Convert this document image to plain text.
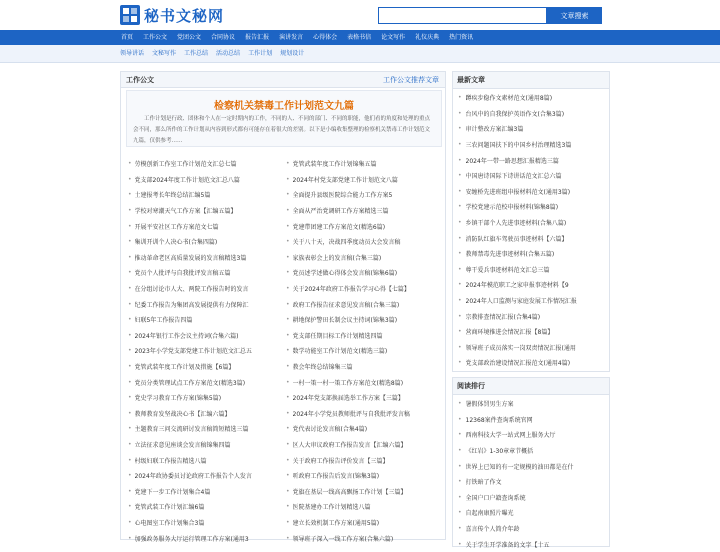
秘书文秘网	文章搜索
首页	工作公文	党团公文	合同协议	报告汇报	演讲发言	心得体会	表格书信	论文写作	礼仪庆典	热门资讯
领导讲话	文秘写作	工作总结	活动总结	工作计划	规划设计
工作公文	工作公文推荐文章
检察机关禁毒工作计划范文九篇

工作计划是行政、团体和个人在一定时期内的工作，不同的人、不同的部门、不同的职能，他们看的角度和处理的重点会不同，那么所作的工作计划从内容到形式都有可能存在着很大的差别。以下是小编收集整理的检察机关禁毒工作计划范文九篇，仅供参考……

• 劳模创新工作室工作计划范文汇总七篇	• 党管武装年度工作计划锦集五篇
• 党支部2024年度工作计划范文汇总八篇	• 2024年村党支部党建工作计划范文八篇
• 土建报考长年终总结汇编5篇	• 全面提升县级医院综合能力工作方案5
• 学校对寒潮天气工作方案【汇编五篇】	• 全面从严治党调研工作方案精选三篇
• 开展平安社区工作方案范文七篇	• 党建带团建工作方案范文(精选6篇)
• 集训开训个人决心书(合集四篇)	• 关于八十天，决战四季度动员大会发言稿
• 推动革命老区高质量发展的发言稿精选3篇	• 家族表彰会上的发言稿(合集三篇)
• 党员个人批评与自我批评发言稿五篇	• 党员述学述做心得体会发言稿(锦集6篇)
• 在分组讨论市人大、两院工作报告时的发言	• 关于2024年政府工作报告学习心得【七篇】
• 纪委工作报告为集团高发展提供有力保障汇	• 政府工作报告征求意见发言稿(合集三篇)
• 妇联5年工作报告四篇	• 耕地保护警田长制会议主持词(锦集3篇)
• 2024年银行工作会议主持词(合集六篇)	• 党支部任期目标工作计划精选四篇
• 2023年小学党支部党建工作计划范文汇总五	• 数学功能室工作计划范文(精选三篇)
• 党管武装年度工作计划及措施【6篇】	• 教会年终总结锦集三篇
• 党员分类管理试点工作方案范文(精选3篇)	• 一村一策一村一策工作方案范文(精选8篇)
• 党史学习教育工作方案(锦集5篇)	• 2024年党支部换届选举工作方案【三篇】
• 教师教育发坚战决心书【汇编六篇】	• 2024年小学党员教师批评与自我批评发言稿
• 主题教育三问交流研讨发言稿简短精选三篇	• 党代表讨论发言稿(合集4篇)
• 立法征求意见座谈会发言稿锦集四篇	• 区人大审议政府工作报告发言【汇编六篇】
• 村级妇联工作报告精选八篇	• 关于政府工作报告评价发言【三篇】
• 2024年政协委员讨论政府工作报告个人发言	• 听政府工作报告后发言(锦集3篇)
• 党建下一步工作计划集合4篇	• 党旗在基层一线高高飘扬工作计划【三篇】
• 党管武装工作计划汇编6篇	• 医院基建办工作计划精选八篇
• 心电图室工作计划集合3篇	• 建立长效机制工作方案(通用5篇)
• 加强政务服务大厅运行管理工作方案(通用3	• 领导班子深入一线工作方案(合集六篇)
最新文章
• 蹲疾步稳作文素材范文(通用8篇)
• 台风中的自我保护英语作文(合集3篇)
• 审计整改方案汇编3篇
• 三农问题国扶下的中国乡村治理精选3篇
• 2024年一带一路思想汇报精选三篇
• 中国唐诗国际下诗讲话范文汇总六篇
• 安缠桥先进班组申报材料范文(通用3篇)
• 学校党建示范校申报材料(锦集8篇)
• 乡镇干部个人先进事迹材料(合集八篇)
• 消防队红旗车驾驶员事迹材料【六篇】
• 教师禁毒先进事迹材料(合集五篇)
• 尊干爱兵事迹材料范文汇总三篇
• 2024年模范职工之家申报事迹材料【9
• 2024年人口监测与家庭发展工作情况汇报
• 宗教排查情况汇报(合集4篇)
• 营商环境推进会情况汇报【8篇】
• 领导班子成员落实一岗双责情况汇报(通用
• 党支部政治建设情况汇报范文(通用4篇)
阅读排行
• 暑假体罚男生方案
• 12368案件查询系统官网
• 西南科技大学一站式网上服务大厅
• 《红岩》1-30章章节概括
• 世界上已知的有一定规模的油田都是在什
• 打铁暗了作文
• 全国户口户籍查询系统
• 自起南康照片曝光
• 喜言传个人简介年龄
• 关于学生开学准备的文字【十五
